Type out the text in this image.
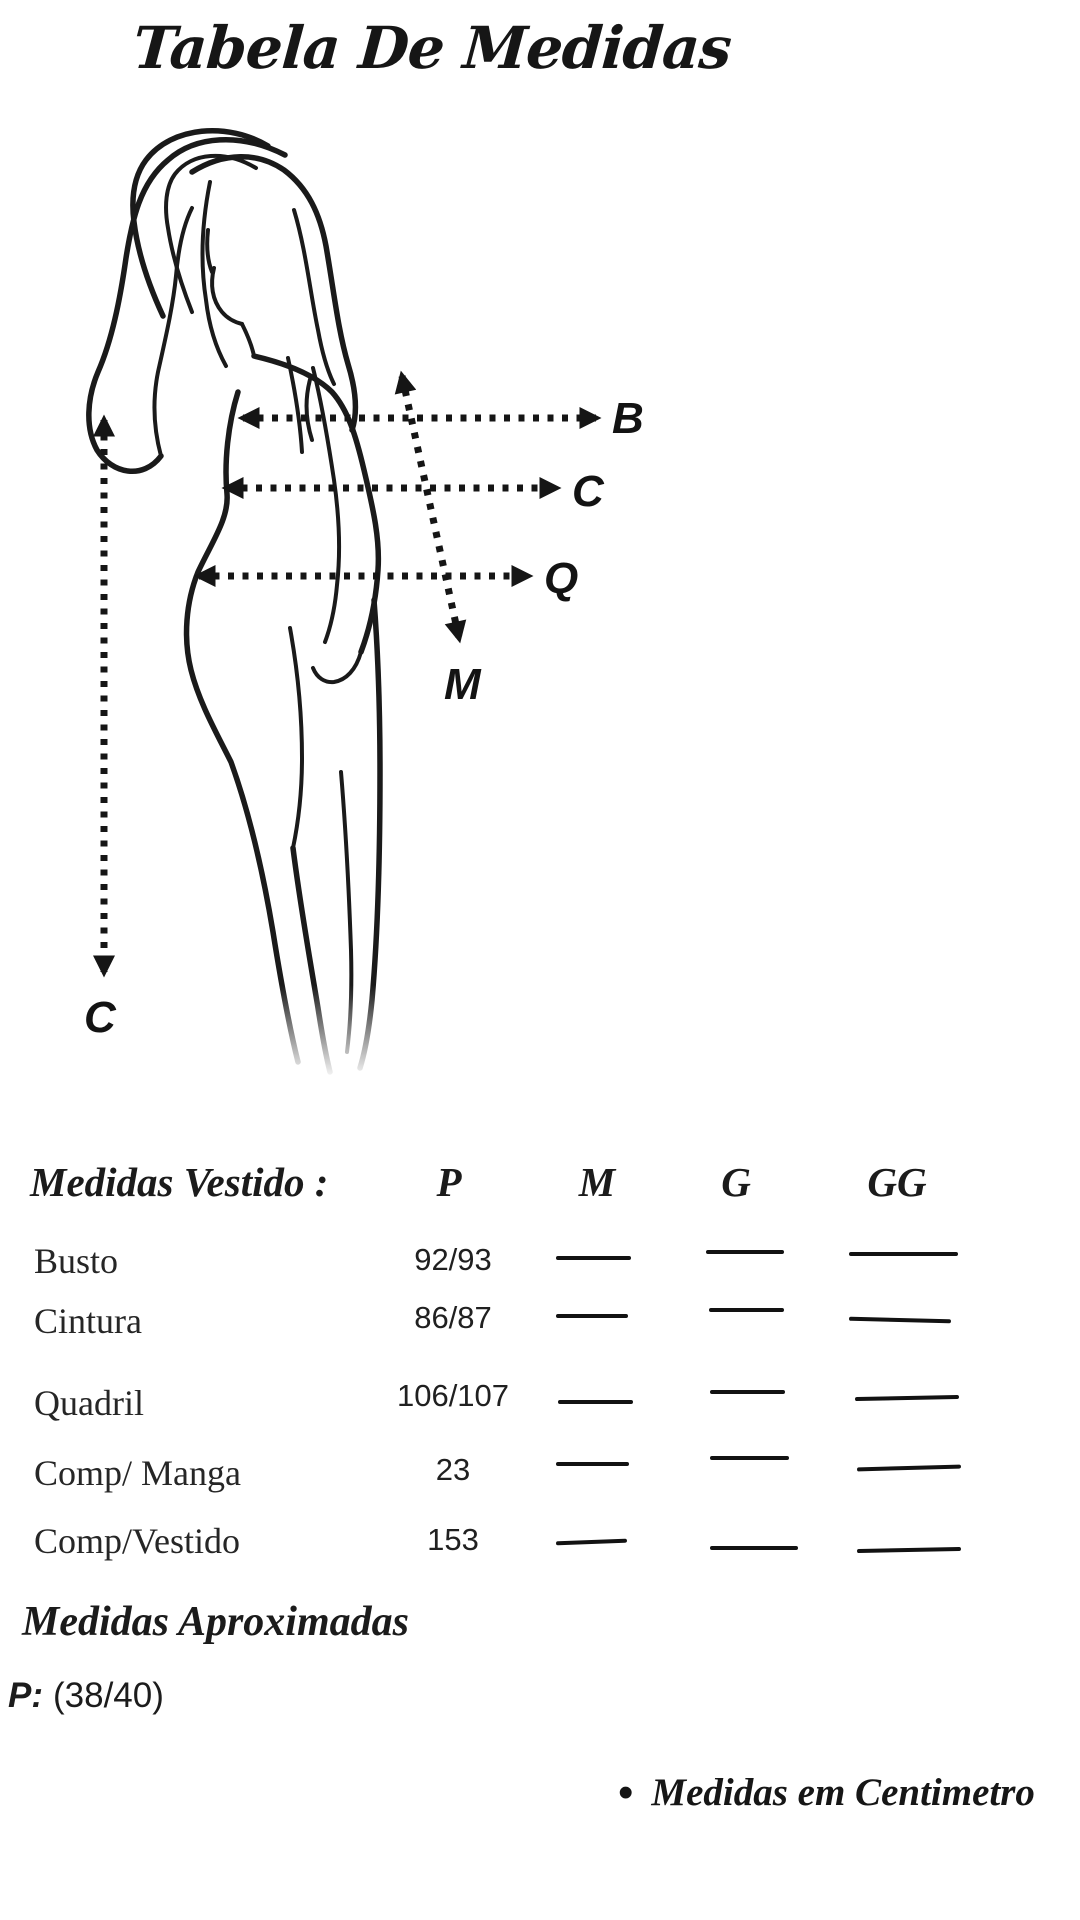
Tabela De Medidas
B
C
Q
M
C
Medidas Vestido :	P	M	G	GG
Busto	92/93
Cintura	86/87
Quadril	106/107
Comp/ Manga	23
Comp/Vestido	153
Medidas Aproximadas
P: (38/40)
• Medidas em Centimetro
